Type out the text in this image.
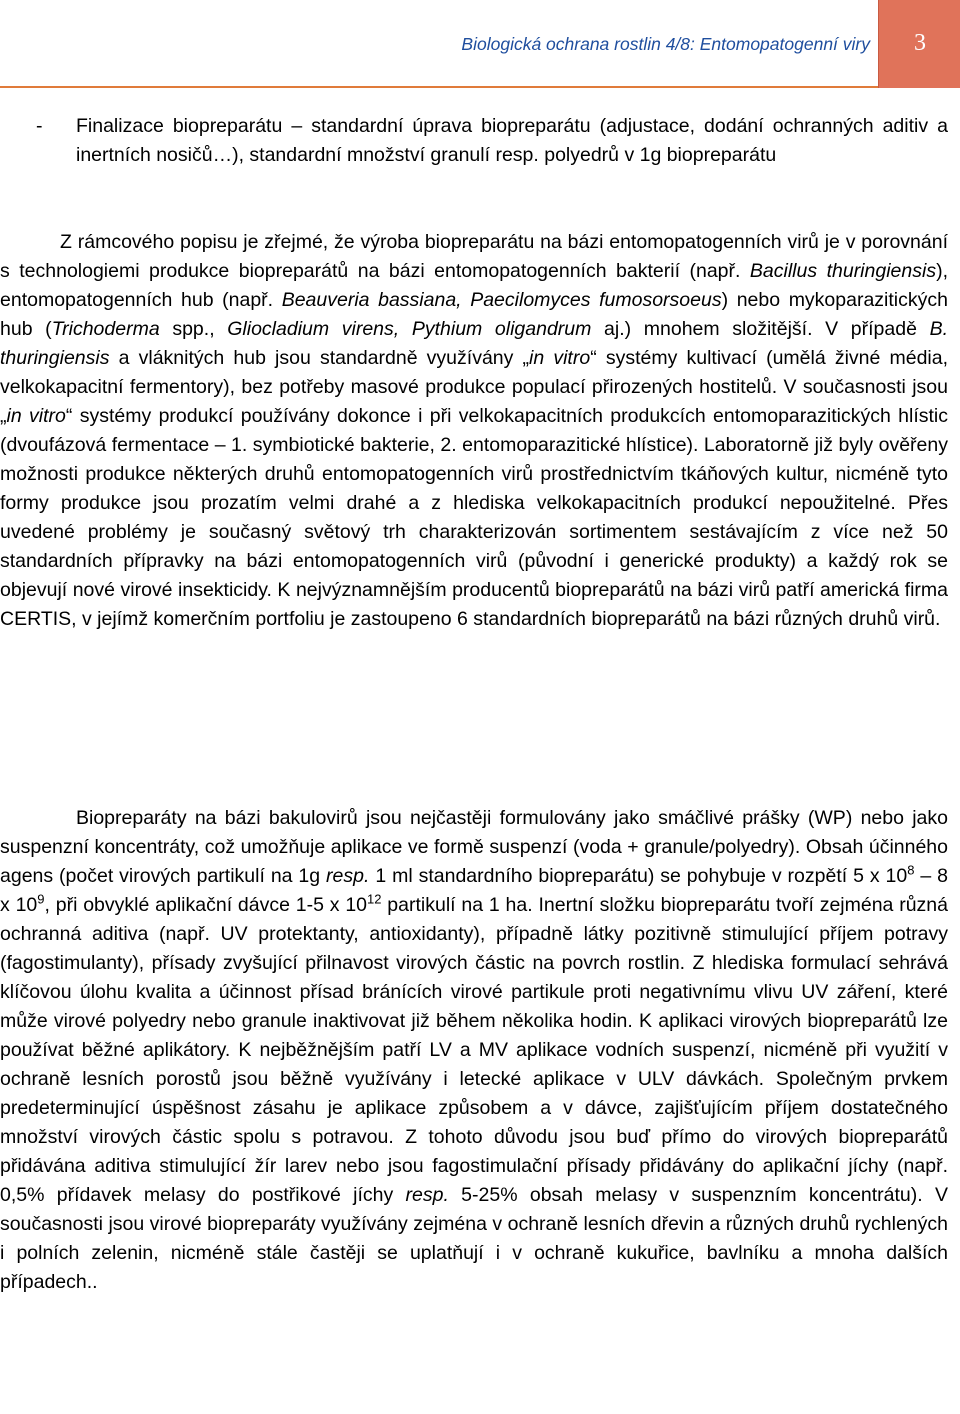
Biologická ochrana rostlin 4/8: Entomopatogenní viry	3
- Finalizace biopreparátu – standardní úprava biopreparátu (adjustace, dodání ochranných aditiv a inertních nosičů…), standardní množství granulí resp. polyedrů v 1g biopreparátu

Z rámcového popisu je zřejmé, že výroba biopreparátu na bázi entomopatogenních virů je v porovnání s technologiemi produkce biopreparátů na bázi entomopatogenních bakterií (např. Bacillus thuringiensis), entomopatogenních hub (např. Beauveria bassiana, Paecilomyces fumosorsoeus) nebo mykoparazitických hub (Trichoderma spp., Gliocladium virens, Pythium oligandrum aj.) mnohem složitější. V případě B. thuringiensis a vláknitých hub jsou standardně využívány „in vitro“ systémy kultivací (umělá živné média, velkokapacitní fermentory), bez potřeby masové produkce populací přirozených hostitelů. V současnosti jsou „in vitro“ systémy produkcí používány dokonce i při velkokapacitních produkcích entomoparazitických hlístic (dvoufázová fermentace – 1. symbiotické bakterie, 2. entomoparazitické hlístice). Laboratorně již byly ověřeny možnosti produkce některých druhů entomopatogenních virů prostřednictvím tkáňových kultur, nicméně tyto formy produkce jsou prozatím velmi drahé a z hlediska velkokapacitních produkcí nepoužitelné. Přes uvedené problémy je současný světový trh charakterizován sortimentem sestávajícím z více než 50 standardních přípravky na bázi entomopatogenních virů (původní i generické produkty) a každý rok se objevují nové virové insekticidy. K nejvýznamnějším producentů biopreparátů na bázi virů patří americká firma CERTIS, v jejímž komerčním portfoliu je zastoupeno 6 standardních biopreparátů na bázi různých druhů virů.

Biopreparáty na bázi bakulovirů jsou nejčastěji formulovány jako smáčlivé prášky (WP) nebo jako suspenzní koncentráty, což umožňuje aplikace ve formě suspenzí (voda + granule/polyedry). Obsah účinného agens (počet virových partikulí na 1g resp. 1 ml standardního biopreparátu) se pohybuje v rozpětí 5 x $10^8 - 8$ x $10^9$, při obvyklé aplikační dávce 1-5 x $10^{12}$ partikulí na 1 ha. Inertní složku biopreparátu tvoří zejména různá ochranná aditiva (např. UV protektanty, antioxidanty), případně látky pozitivně stimulující příjem potravy (fagostimulanty), přísady zvyšující přilnavost virových částic na povrch rostlin. Z hlediska formulací sehrává klíčovou úlohu kvalita a účinnost přísad bránících virové partikule proti negativnímu vlivu UV záření, které může virové polyedry nebo granule inaktivovat již během několika hodin. K aplikaci virových biopreparátů lze používat běžné aplikátory. K nejběžnějším patří LV a MV aplikace vodních suspenzí, nicméně při využití v ochraně lesních porostů jsou běžně využívány i letecké aplikace v ULV dávkách. Společným prvkem predeterminující úspěšnost zásahu je aplikace způsobem a v dávce, zajišťujícím příjem dostatečného množství virových částic spolu s potravou. Z tohoto důvodu jsou buď přímo do virových biopreparátů přidávána aditiva stimulující žír larev nebo jsou fagostimulační přísady přidávány do aplikační jíchy (např. 0,5% přídavek melasy do postřikové jíchy resp. 5-25% obsah melasy v suspenzním koncentrátu). V současnosti jsou virové biopreparáty využívány zejména v ochraně lesních dřevin a různých druhů rychlených i polních zelenin, nicméně stále častěji se uplatňují i v ochraně kukuřice, bavlníku a mnoha dalších případech..
